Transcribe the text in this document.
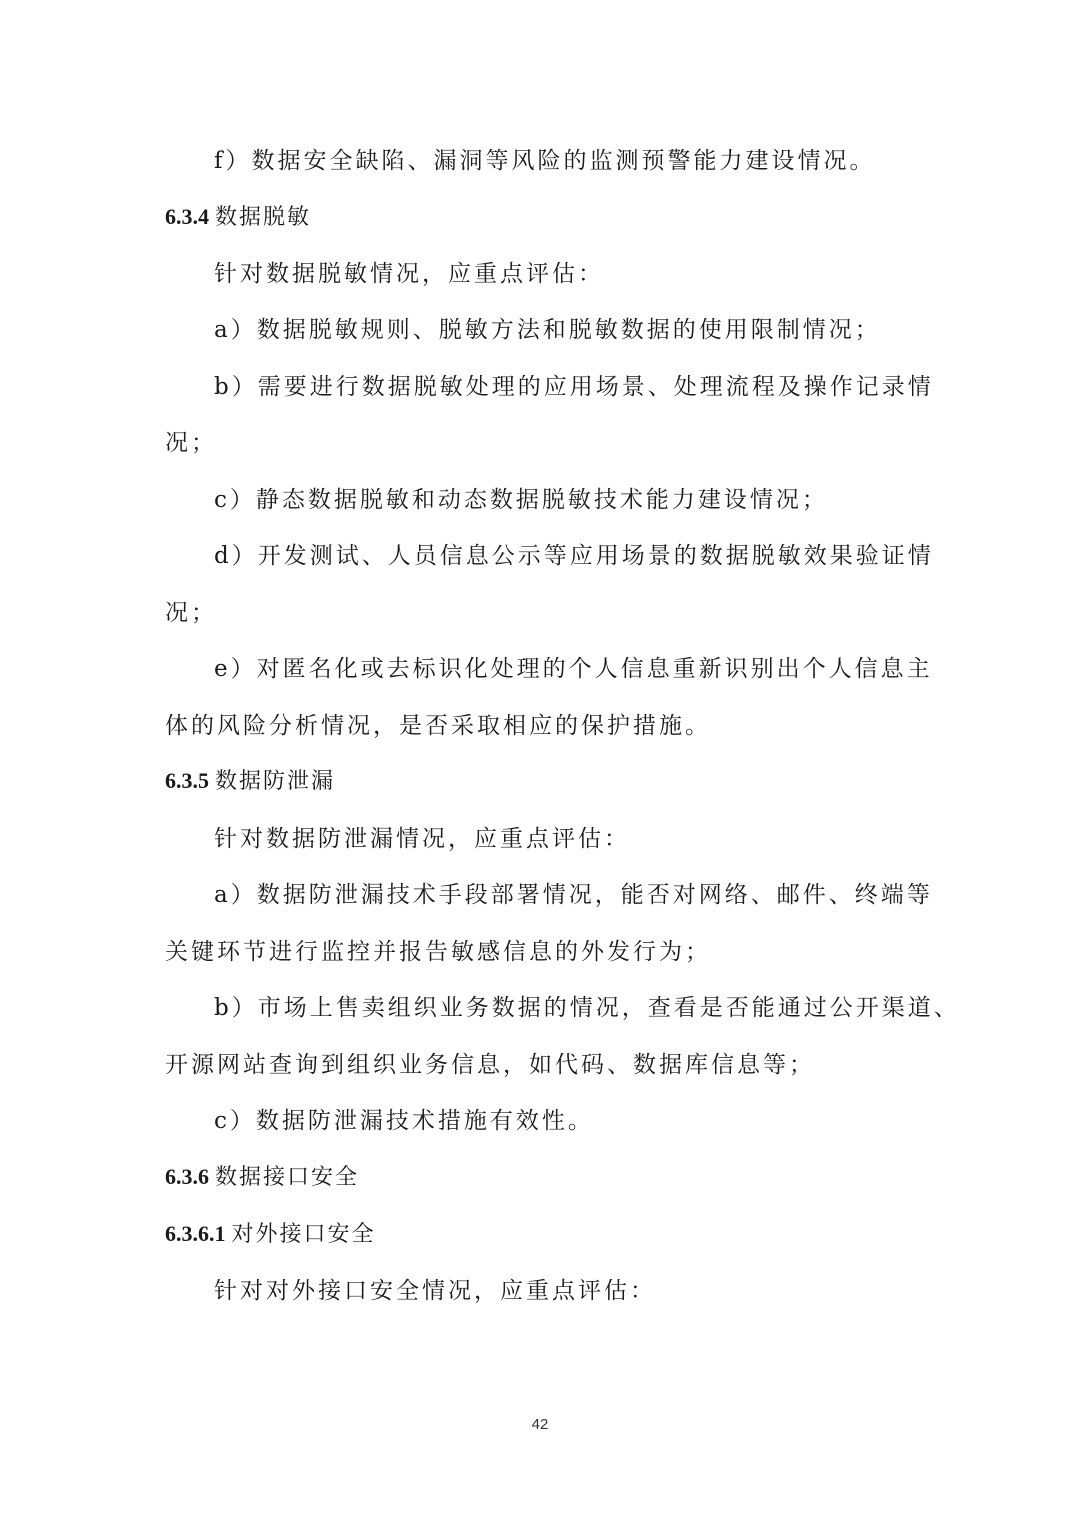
f）数据安全缺陷、漏洞等风险的监测预警能力建设情况。
6.3.4 数据脱敏
针对数据脱敏情况，应重点评估：
a）数据脱敏规则、脱敏方法和脱敏数据的使用限制情况；
b）需要进行数据脱敏处理的应用场景、处理流程及操作记录情
况；
c）静态数据脱敏和动态数据脱敏技术能力建设情况；
d）开发测试、人员信息公示等应用场景的数据脱敏效果验证情
况；
e）对匿名化或去标识化处理的个人信息重新识别出个人信息主
体的风险分析情况，是否采取相应的保护措施。
6.3.5 数据防泄漏
针对数据防泄漏情况，应重点评估：
a）数据防泄漏技术手段部署情况，能否对网络、邮件、终端等
关键环节进行监控并报告敏感信息的外发行为；
b）市场上售卖组织业务数据的情况，查看是否能通过公开渠道、
开源网站查询到组织业务信息，如代码、数据库信息等；
c）数据防泄漏技术措施有效性。
6.3.6 数据接口安全
6.3.6.1 对外接口安全
针对对外接口安全情况，应重点评估：
42
